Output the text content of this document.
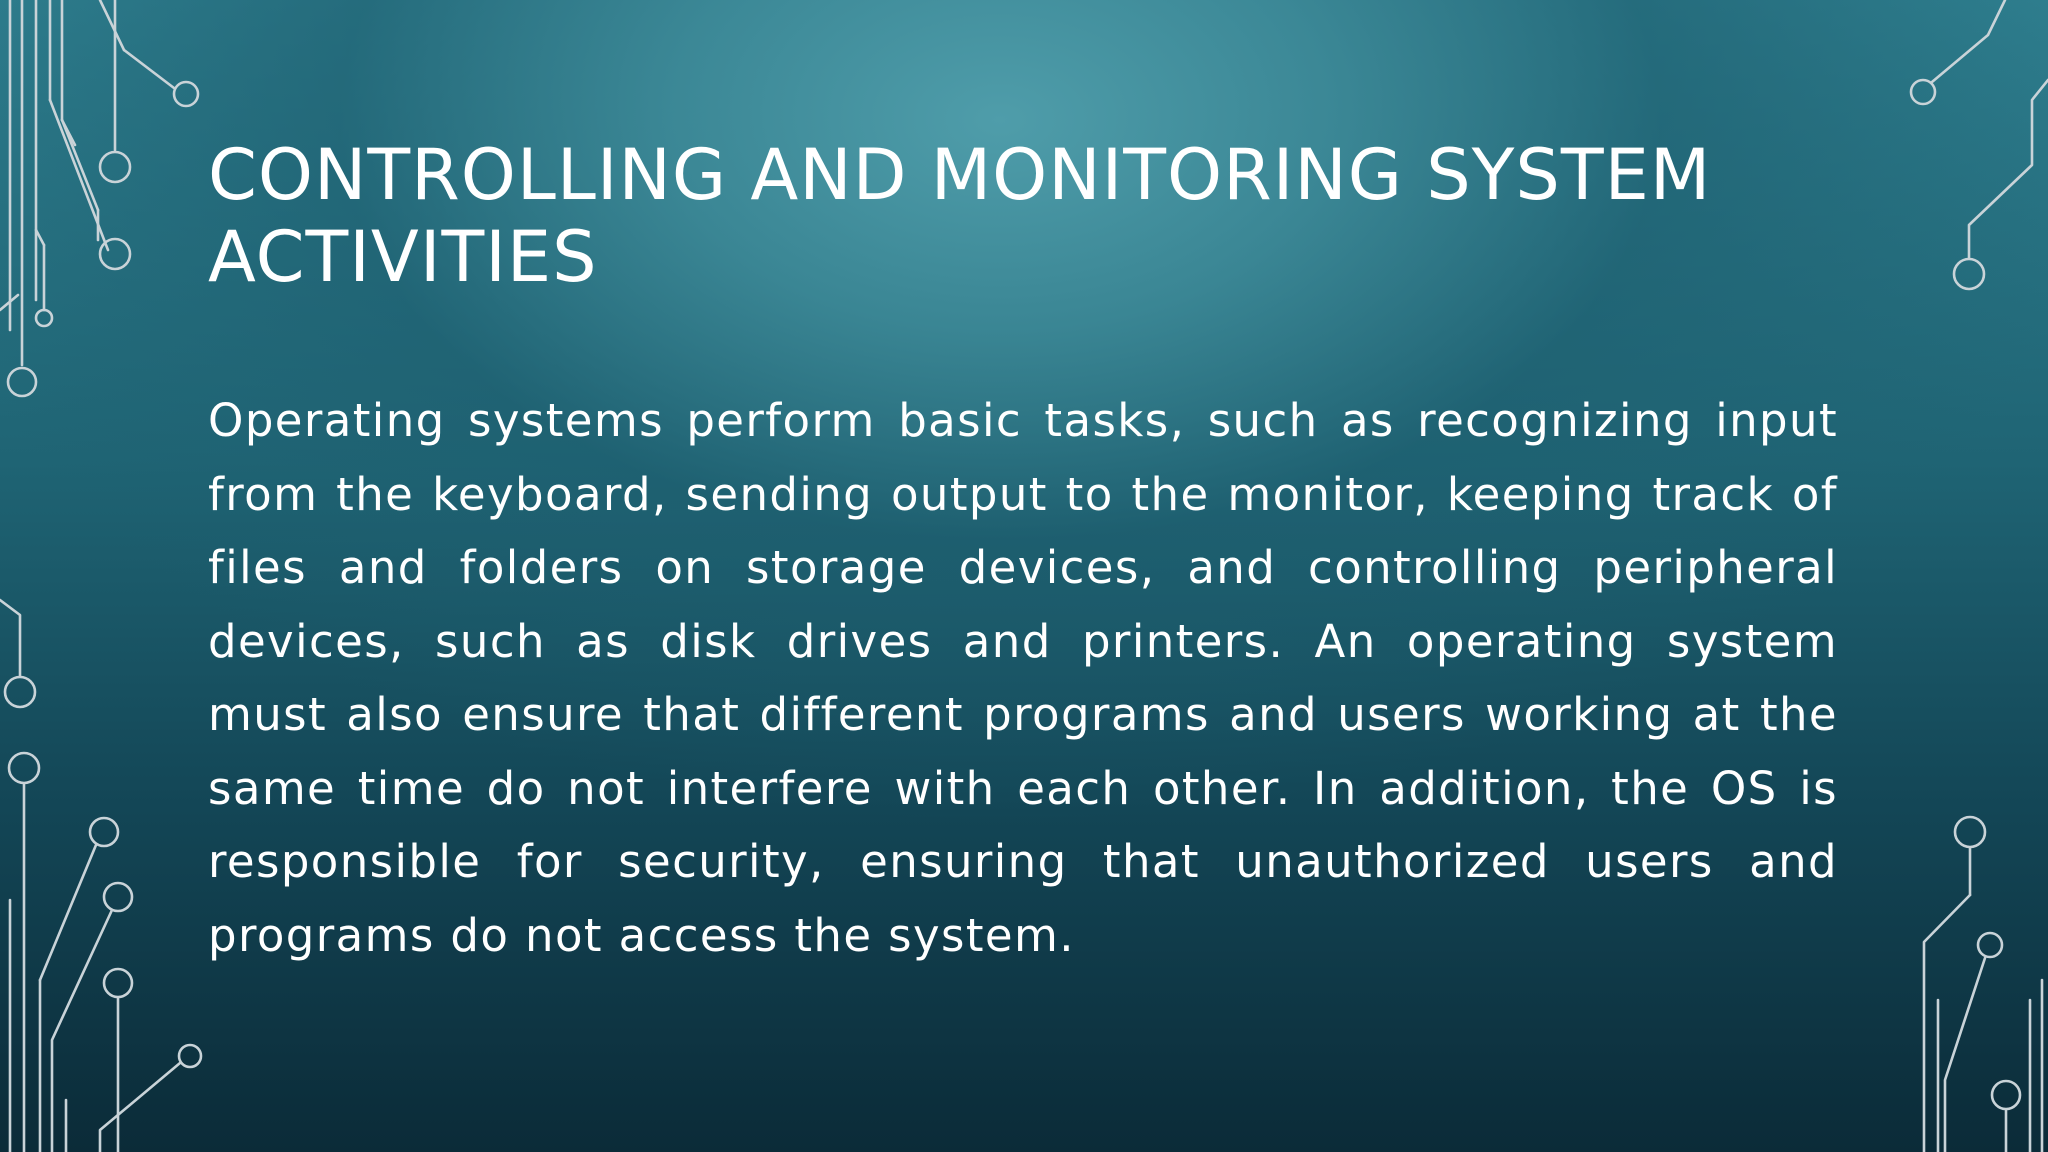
CONTROLLING AND MONITORING SYSTEM ACTIVITIES

Operating systems perform basic tasks, such as recognizing input from the keyboard, sending output to the monitor, keeping track of files and folders on storage devices, and controlling peripheral devices, such as disk drives and printers. An operating system must also ensure that different programs and users working at the same time do not interfere with each other. In addition, the OS is responsible for security, ensuring that unauthorized users and programs do not access the system.
